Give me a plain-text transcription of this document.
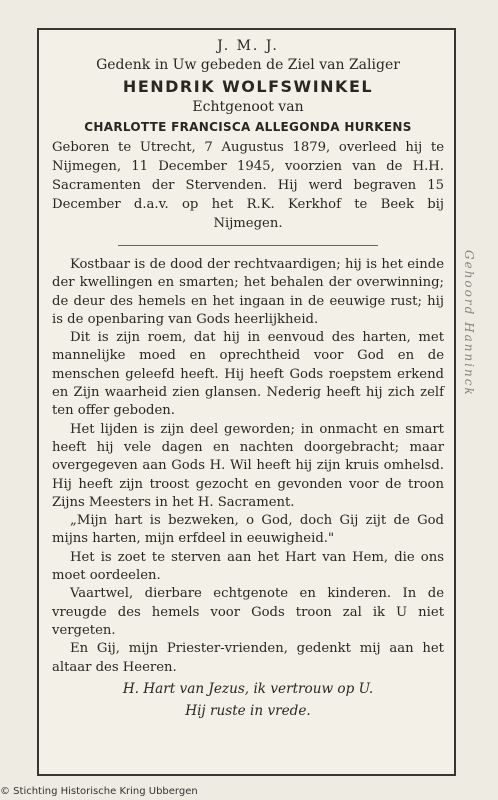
J. M. J.
Gedenk in Uw gebeden de Ziel van Zaliger
HENDRIK WOLFSWINKEL
Echtgenoot van
CHARLOTTE FRANCISCA ALLEGONDA HURKENS
Geboren te Utrecht, 7 Augustus 1879, overleed hij te Nijmegen, 11 December 1945, voorzien van de H.H. Sacramenten der Stervenden. Hij werd begraven 15 December d.a.v. op het R.K. Kerkhof te Beek bij Nijmegen.

Kostbaar is de dood der rechtvaardigen; hij is het einde der kwellingen en smarten; het behalen der overwinning; de deur des hemels en het ingaan in de eeuwige rust; hij is de openbaring van Gods heerlijkheid.

Dit is zijn roem, dat hij in eenvoud des harten, met mannelijke moed en oprechtheid voor God en de menschen geleefd heeft. Hij heeft Gods roepstem erkend en Zijn waarheid zien glansen. Nederig heeft hij zich zelf ten offer geboden.

Het lijden is zijn deel geworden; in onmacht en smart heeft hij vele dagen en nachten doorgebracht; maar overgegeven aan Gods H. Wil heeft hij zijn kruis omhelsd. Hij heeft zijn troost gezocht en gevonden voor de troon Zijns Meesters in het H. Sacrament.

„Mijn hart is bezweken, o God, doch Gij zijt de God mijns harten, mijn erfdeel in eeuwigheid."

Het is zoet te sterven aan het Hart van Hem, die ons moet oordeelen.

Vaartwel, dierbare echtgenote en kinderen. In de vreugde des hemels voor Gods troon zal ik U niet vergeten.

En Gij, mijn Priester-vrienden, gedenkt mij aan het altaar des Heeren.

H. Hart van Jezus, ik vertrouw op U.
Hij ruste in vrede.
Gehoord Hanninck
© Stichting Historische Kring Ubbergen
